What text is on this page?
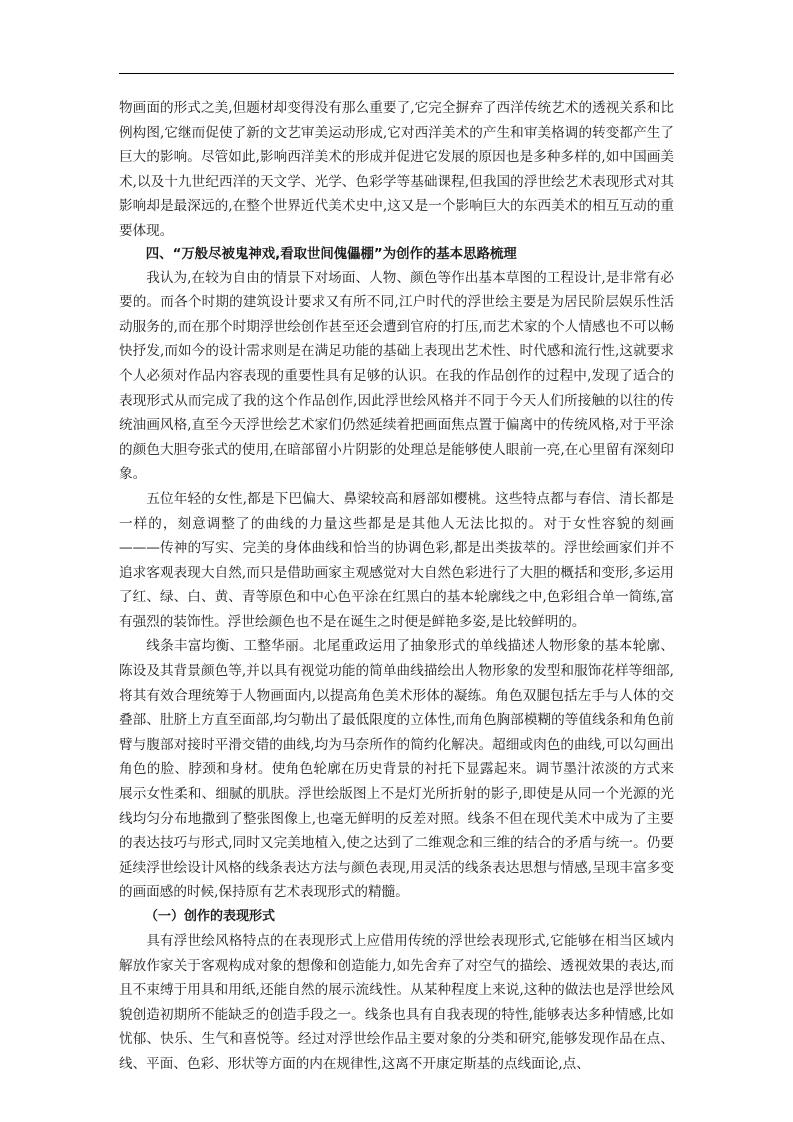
物画面的形式之美,但题材却变得没有那么重要了,它完全摒弃了西洋传统艺术的透视关系和比例构图,它继而促使了新的文艺审美运动形成,它对西洋美术的产生和审美格调的转变都产生了巨大的影响。尽管如此,影响西洋美术的形成并促进它发展的原因也是多种多样的,如中国画美术,以及十九世纪西洋的天文学、光学、色彩学等基础课程,但我国的浮世绘艺术表现形式对其影响却是最深远的,在整个世界近代美术史中,这又是一个影响巨大的东西美术的相互互动的重要体现。

四、“万般尽被鬼神戏,看取世间傀儡棚”为创作的基本思路梳理

我认为,在较为自由的情景下对场面、人物、颜色等作出基本草图的工程设计,是非常有必要的。而各个时期的建筑设计要求又有所不同,江户时代的浮世绘主要是为居民阶层娱乐性活动服务的,而在那个时期浮世绘创作甚至还会遭到官府的打压,而艺术家的个人情感也不可以畅快抒发,而如今的设计需求则是在满足功能的基础上表现出艺术性、时代感和流行性,这就要求个人必须对作品内容表现的重要性具有足够的认识。在我的作品创作的过程中,发现了适合的表现形式从而完成了我的这个作品创作,因此浮世绘风格并不同于今天人们所接触的以往的传统油画风格,直至今天浮世绘艺术家们仍然延续着把画面焦点置于偏离中的传统风格,对于平涂的颜色大胆夸张式的使用,在暗部留小片阴影的处理总是能够使人眼前一亮,在心里留有深刻印象。

五位年轻的女性,都是下巴偏大、鼻梁较高和唇部如樱桃。这些特点都与春信、清长都是一样的，刻意调整了的曲线的力量这些都是是其他人无法比拟的。对于女性容貌的刻画———传神的写实、完美的身体曲线和恰当的协调色彩,都是出类拔萃的。浮世绘画家们并不追求客观表现大自然,而只是借助画家主观感觉对大自然色彩进行了大胆的概括和变形,多运用了红、绿、白、黄、青等原色和中心色平涂在红黑白的基本轮廓线之中,色彩组合单一简练,富有强烈的装饰性。浮世绘颜色也不是在诞生之时便是鲜艳多姿,是比较鲜明的。

线条丰富均衡、工整华丽。北尾重政运用了抽象形式的单线描述人物形象的基本轮廓、陈设及其背景颜色等,并以具有视觉功能的简单曲线描绘出人物形象的发型和服饰花样等细部,将其有效合理统筹于人物画面内,以提高角色美术形体的凝练。角色双腿包括左手与人体的交叠部、肚脐上方直至面部,均匀勒出了最低限度的立体性,而角色胸部模糊的等值线条和角色前臂与腹部对接时平滑交错的曲线,均为马奈所作的简约化解决。超细或肉色的曲线,可以勾画出角色的脸、脖颈和身材。使角色轮廓在历史背景的衬托下显露起来。调节墨汁浓淡的方式来展示女性柔和、细腻的肌肤。浮世绘版图上不是灯光所折射的影子,即使是从同一个光源的光线均匀分布地撒到了整张图像上,也毫无鲜明的反差对照。线条不但在现代美术中成为了主要的表达技巧与形式,同时又完美地植入,使之达到了二维观念和三维的结合的矛盾与统一。仍要延续浮世绘设计风格的线条表达方法与颜色表现,用灵活的线条表达思想与情感,呈现丰富多变的画面感的时候,保持原有艺术表现形式的精髓。

（一）创作的表现形式

具有浮世绘风格特点的在表现形式上应借用传统的浮世绘表现形式,它能够在相当区域内解放作家关于客观构成对象的想像和创造能力,如先舍弃了对空气的描绘、透视效果的表达,而且不束缚于用具和用纸,还能自然的展示流线性。从某种程度上来说,这种的做法也是浮世绘风貌创造初期所不能缺乏的创造手段之一。线条也具有自我表现的特性,能够表达多种情感,比如忧郁、快乐、生气和喜悦等。经过对浮世绘作品主要对象的分类和研究,能够发现作品在点、线、平面、色彩、形状等方面的内在规律性,这离不开康定斯基的点线面论,点、
